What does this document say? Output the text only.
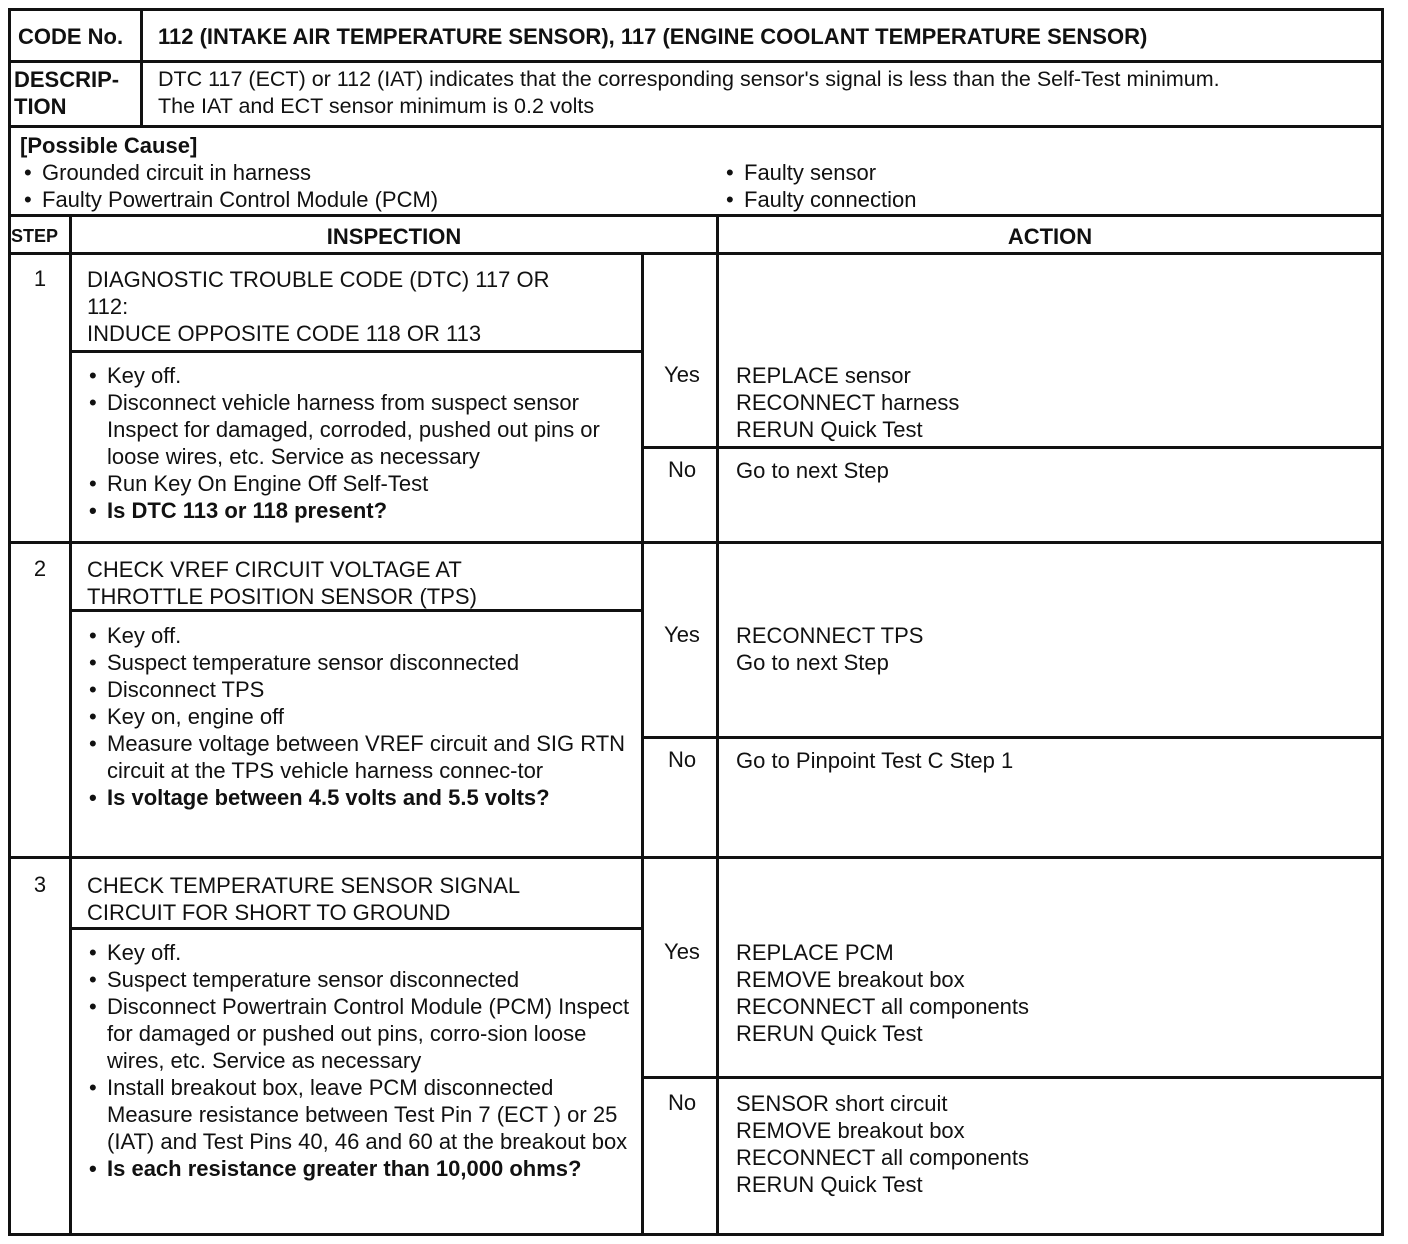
CODE No. 112 (INTAKE AIR TEMPERATURE SENSOR), 117 (ENGINE COOLANT TEMPERATURE SENSOR)
DESCRIP-
TION
DTC 117 (ECT) or 112 (IAT) indicates that the corresponding sensor's signal is less than the Self-Test minimum.
The IAT and ECT sensor minimum is 0.2 volts
[Possible Cause]
• Grounded circuit in harness
• Faulty Powertrain Control Module (PCM)
• Faulty sensor
• Faulty connection
STEP	INSPECTION	ACTION
1	DIAGNOSTIC TROUBLE CODE (DTC) 117 OR
112:
INDUCE OPPOSITE CODE 118 OR 113
• Key off.
• Disconnect vehicle harness from suspect sensor Inspect for damaged, corroded, pushed out pins or loose wires, etc. Service as necessary
• Run Key On Engine Off Self-Test
• Is DTC 113 or 118 present?
Yes	REPLACE sensor
RECONNECT harness
RERUN Quick Test
No	Go to next Step
2	CHECK VREF CIRCUIT VOLTAGE AT
THROTTLE POSITION SENSOR (TPS)
• Key off.
• Suspect temperature sensor disconnected
• Disconnect TPS
• Key on, engine off
• Measure voltage between VREF circuit and SIG RTN circuit at the TPS vehicle harness connec-tor
• Is voltage between 4.5 volts and 5.5 volts?
Yes	RECONNECT TPS
Go to next Step
No	Go to Pinpoint Test C Step 1
3	CHECK TEMPERATURE SENSOR SIGNAL
CIRCUIT FOR SHORT TO GROUND
• Key off.
• Suspect temperature sensor disconnected
• Disconnect Powertrain Control Module (PCM) Inspect for damaged or pushed out pins, corro-sion loose wires, etc. Service as necessary
• Install breakout box, leave PCM disconnected Measure resistance between Test Pin 7 (ECT ) or 25 (IAT) and Test Pins 40, 46 and 60 at the breakout box
• Is each resistance greater than 10,000 ohms?
Yes	REPLACE PCM
REMOVE breakout box
RECONNECT all components
RERUN Quick Test
No	SENSOR short circuit
REMOVE breakout box
RECONNECT all components
RERUN Quick Test
